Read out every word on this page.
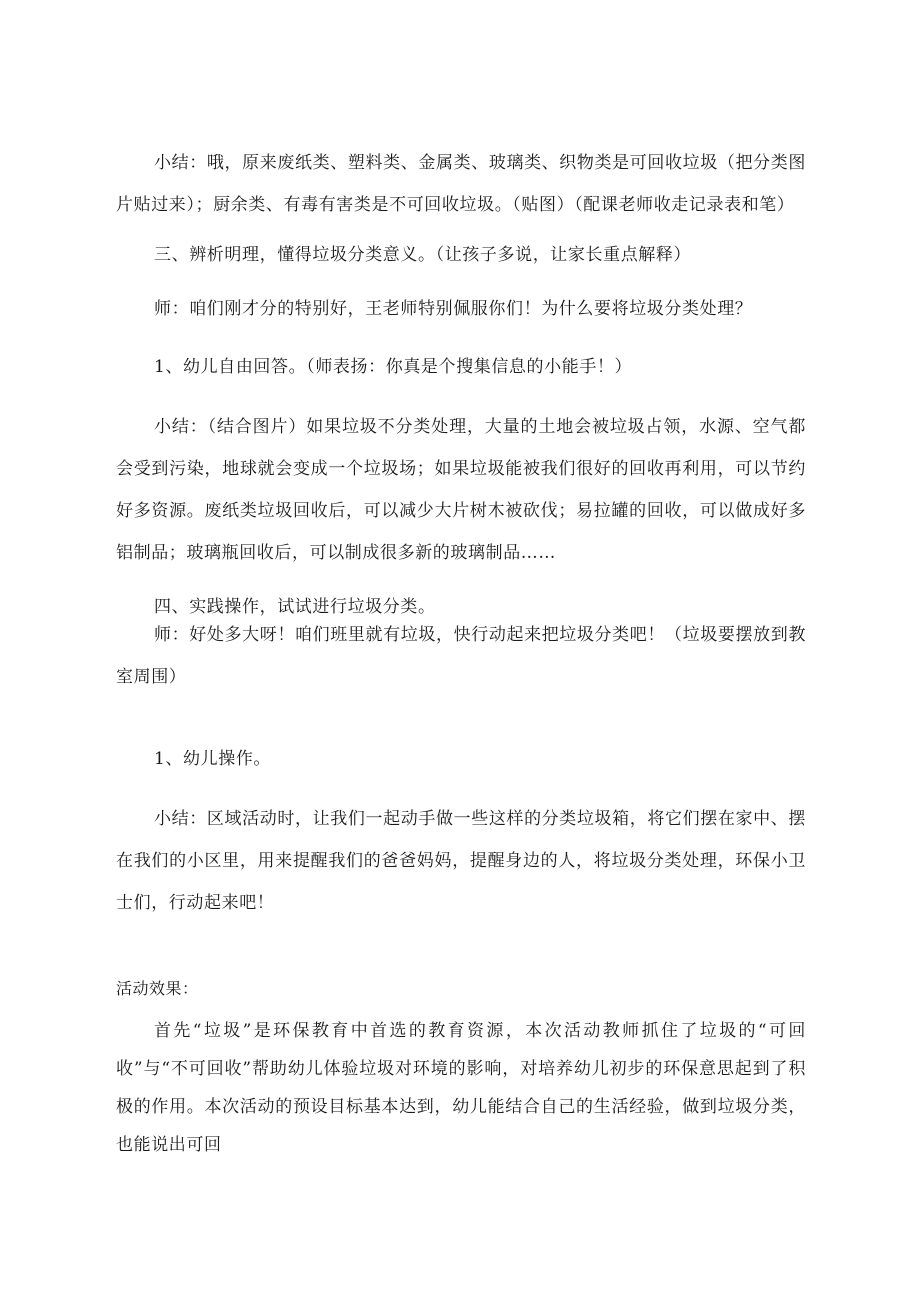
小结：哦，原来废纸类、塑料类、金属类、玻璃类、织物类是可回收垃圾（把分类图片贴过来）；厨余类、有毒有害类是不可回收垃圾。（贴图）（配课老师收走记录表和笔）

三、辨析明理，懂得垃圾分类意义。（让孩子多说，让家长重点解释）

师：咱们刚才分的特别好，王老师特别佩服你们！为什么要将垃圾分类处理？

1、幼儿自由回答。（师表扬：你真是个搜集信息的小能手！）

小结：（结合图片）如果垃圾不分类处理，大量的土地会被垃圾占领，水源、空气都会受到污染，地球就会变成一个垃圾场；如果垃圾能被我们很好的回收再利用，可以节约好多资源。废纸类垃圾回收后，可以减少大片树木被砍伐；易拉罐的回收，可以做成好多铝制品；玻璃瓶回收后，可以制成很多新的玻璃制品……

四、实践操作，试试进行垃圾分类。

师：好处多大呀！咱们班里就有垃圾，快行动起来把垃圾分类吧！（垃圾要摆放到教室周围）

1、幼儿操作。

小结：区域活动时，让我们一起动手做一些这样的分类垃圾箱，将它们摆在家中、摆在我们的小区里，用来提醒我们的爸爸妈妈，提醒身边的人，将垃圾分类处理，环保小卫士们，行动起来吧！

活动效果：

首先“垃圾”是环保教育中首选的教育资源，本次活动教师抓住了垃圾的“可回收”与“不可回收”帮助幼儿体验垃圾对环境的影响，对培养幼儿初步的环保意思起到了积极的作用。本次活动的预设目标基本达到，幼儿能结合自己的生活经验，做到垃圾分类，也能说出可回
